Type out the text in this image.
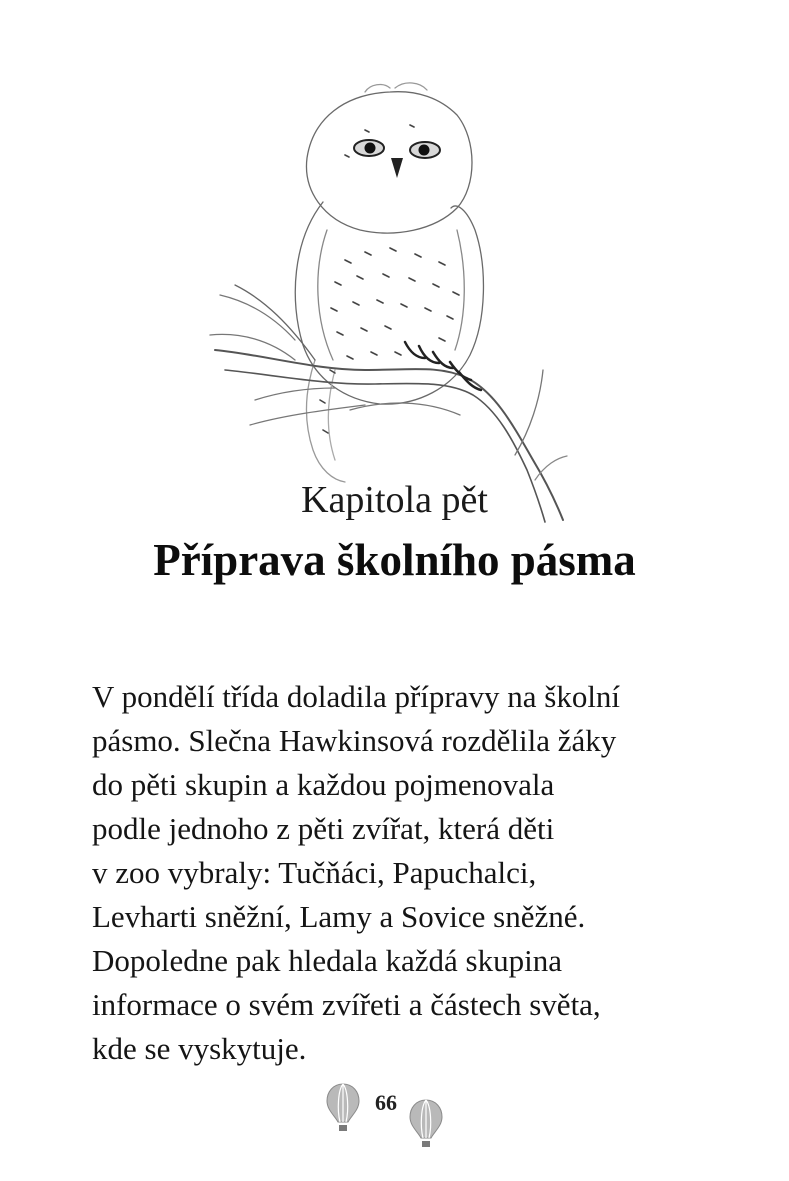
Kapitola pět
Příprava školního pásma
V pondělí třída doladila přípravy na školní
pásmo. Slečna Hawkinsová rozdělila žáky
do pěti skupin a každou pojmenovala
podle jednoho z pěti zvířat, která děti
v zoo vybraly: Tučňáci, Papuchalci,
Levharti sněžní, Lamy a Sovice sněžné.
Dopoledne pak hledala každá skupina
informace o svém zvířeti a částech světa,
kde se vyskytuje.
66
